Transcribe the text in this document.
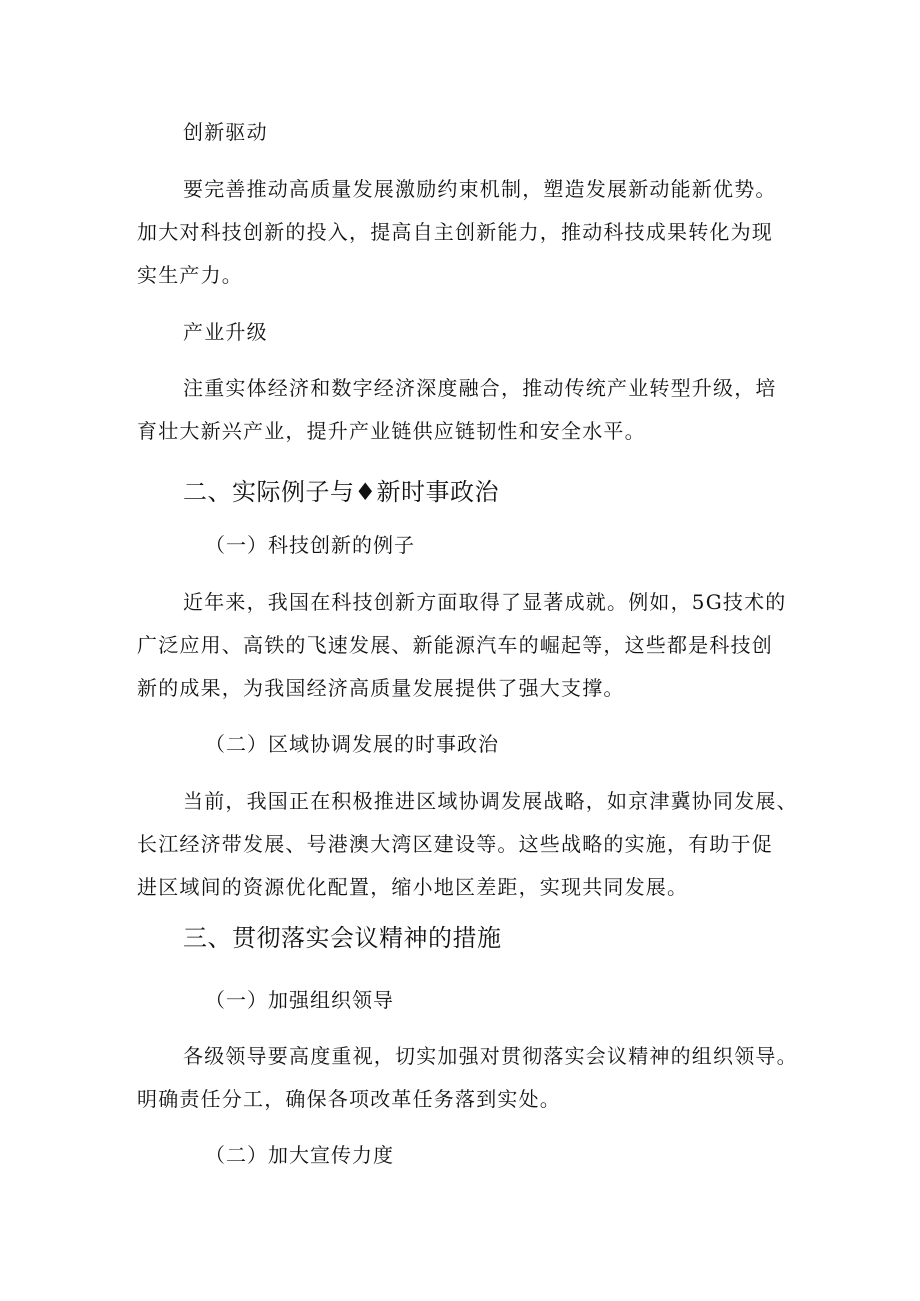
创新驱动
要完善推动高质量发展激励约束机制，塑造发展新动能新优势。
加大对科技创新的投入，提高自主创新能力，推动科技成果转化为现
实生产力。
产业升级
注重实体经济和数字经济深度融合，推动传统产业转型升级，培
育壮大新兴产业，提升产业链供应链韧性和安全水平。
二、实际例子与♦新时事政治
（一）科技创新的例子
近年来，我国在科技创新方面取得了显著成就。例如，5G技术的
广泛应用、高铁的飞速发展、新能源汽车的崛起等，这些都是科技创
新的成果，为我国经济高质量发展提供了强大支撑。
（二）区域协调发展的时事政治
当前，我国正在积极推进区域协调发展战略，如京津冀协同发展、
长江经济带发展、号港澳大湾区建设等。这些战略的实施，有助于促
进区域间的资源优化配置，缩小地区差距，实现共同发展。
三、贯彻落实会议精神的措施
（一）加强组织领导
各级领导要高度重视，切实加强对贯彻落实会议精神的组织领导。
明确责任分工，确保各项改革任务落到实处。
（二）加大宣传力度
